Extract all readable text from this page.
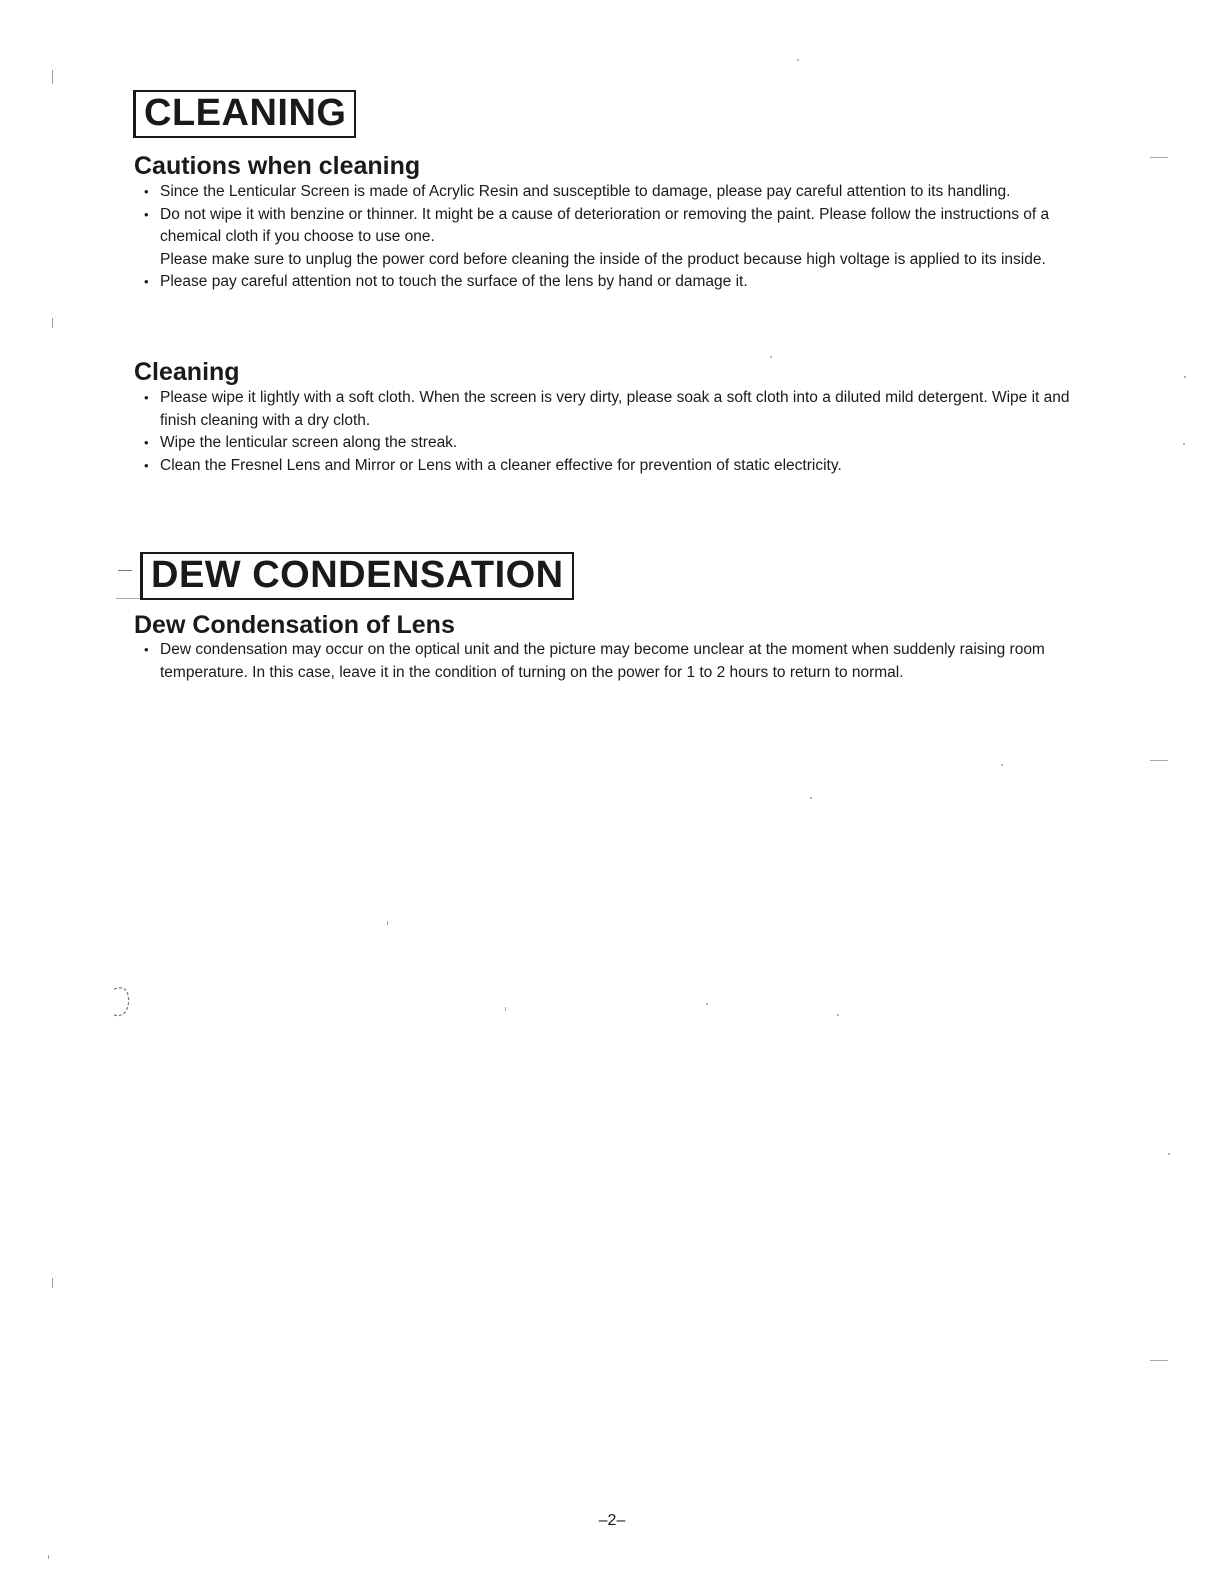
CLEANING
Cautions when cleaning
• Since the Lenticular Screen is made of Acrylic Resin and susceptible to damage, please pay careful attention to its handling.
• Do not wipe it with benzine or thinner. It might be a cause of deterioration or removing the paint. Please follow the instructions of a chemical cloth if you choose to use one.
Please make sure to unplug the power cord before cleaning the inside of the product because high voltage is applied to its inside.
• Please pay careful attention not to touch the surface of the lens by hand or damage it.
Cleaning
• Please wipe it lightly with a soft cloth. When the screen is very dirty, please soak a soft cloth into a diluted mild detergent. Wipe it and finish cleaning with a dry cloth.
• Wipe the lenticular screen along the streak.
• Clean the Fresnel Lens and Mirror or Lens with a cleaner effective for prevention of static electricity.
DEW CONDENSATION
Dew Condensation of Lens
• Dew condensation may occur on the optical unit and the picture may become unclear at the moment when suddenly raising room temperature. In this case, leave it in the condition of turning on the power for 1 to 2 hours to return to normal.
–2–
